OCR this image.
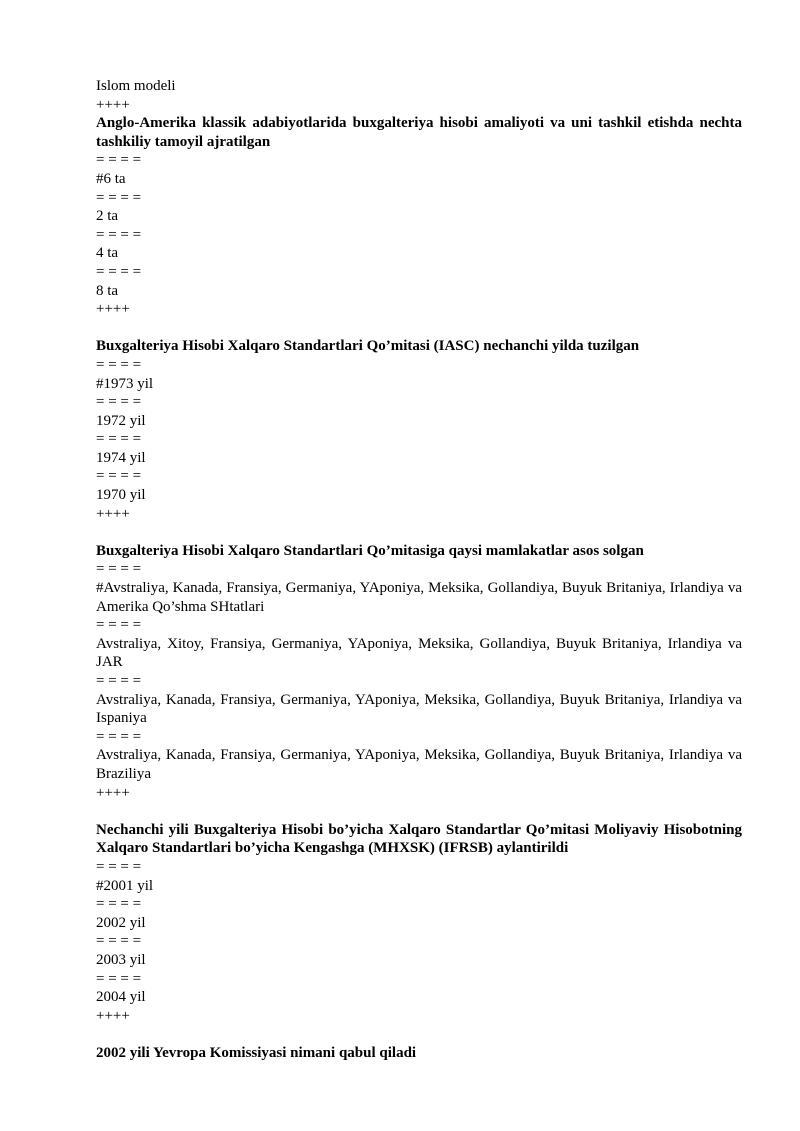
Islom modeli

++++

Anglo-Amerika klassik adabiyotlarida buxgalteriya hisobi amaliyoti va uni tashkil etishda nechta tashkiliy tamoyil ajratilgan

= = = =

#6 ta

= = = =

2 ta

= = = =

4 ta

= = = =

8 ta

++++

Buxgalteriya Hisobi Xalqaro Standartlari Qo’mitasi (IASC) nechanchi yilda tuzilgan

= = = =

#1973 yil

= = = =

1972 yil

= = = =

1974 yil

= = = =

1970 yil

++++

Buxgalteriya Hisobi Xalqaro Standartlari Qo’mitasiga qaysi mamlakatlar asos solgan

= = = =

#Avstraliya, Kanada, Fransiya, Germaniya, YAponiya, Meksika, Gollandiya, Buyuk Britaniya, Irlandiya va Amerika Qo’shma SHtatlari

= = = =

Avstraliya, Xitoy, Fransiya, Germaniya, YAponiya, Meksika, Gollandiya, Buyuk Britaniya, Irlandiya va JAR

= = = =

Avstraliya, Kanada, Fransiya, Germaniya, YAponiya, Meksika, Gollandiya, Buyuk Britaniya, Irlandiya va Ispaniya

= = = =

Avstraliya, Kanada, Fransiya, Germaniya, YAponiya, Meksika, Gollandiya, Buyuk Britaniya, Irlandiya va Braziliya

++++

Nechanchi yili Buxgalteriya Hisobi bo’yicha Xalqaro Standartlar Qo’mitasi Moliyaviy Hisobotning Xalqaro Standartlari bo’yicha Kengashga (MHXSK) (IFRSB) aylantirildi

= = = =

#2001 yil

= = = =

2002 yil

= = = =

2003 yil

= = = =

2004 yil

++++

2002 yili Yevropa Komissiyasi nimani qabul qiladi
